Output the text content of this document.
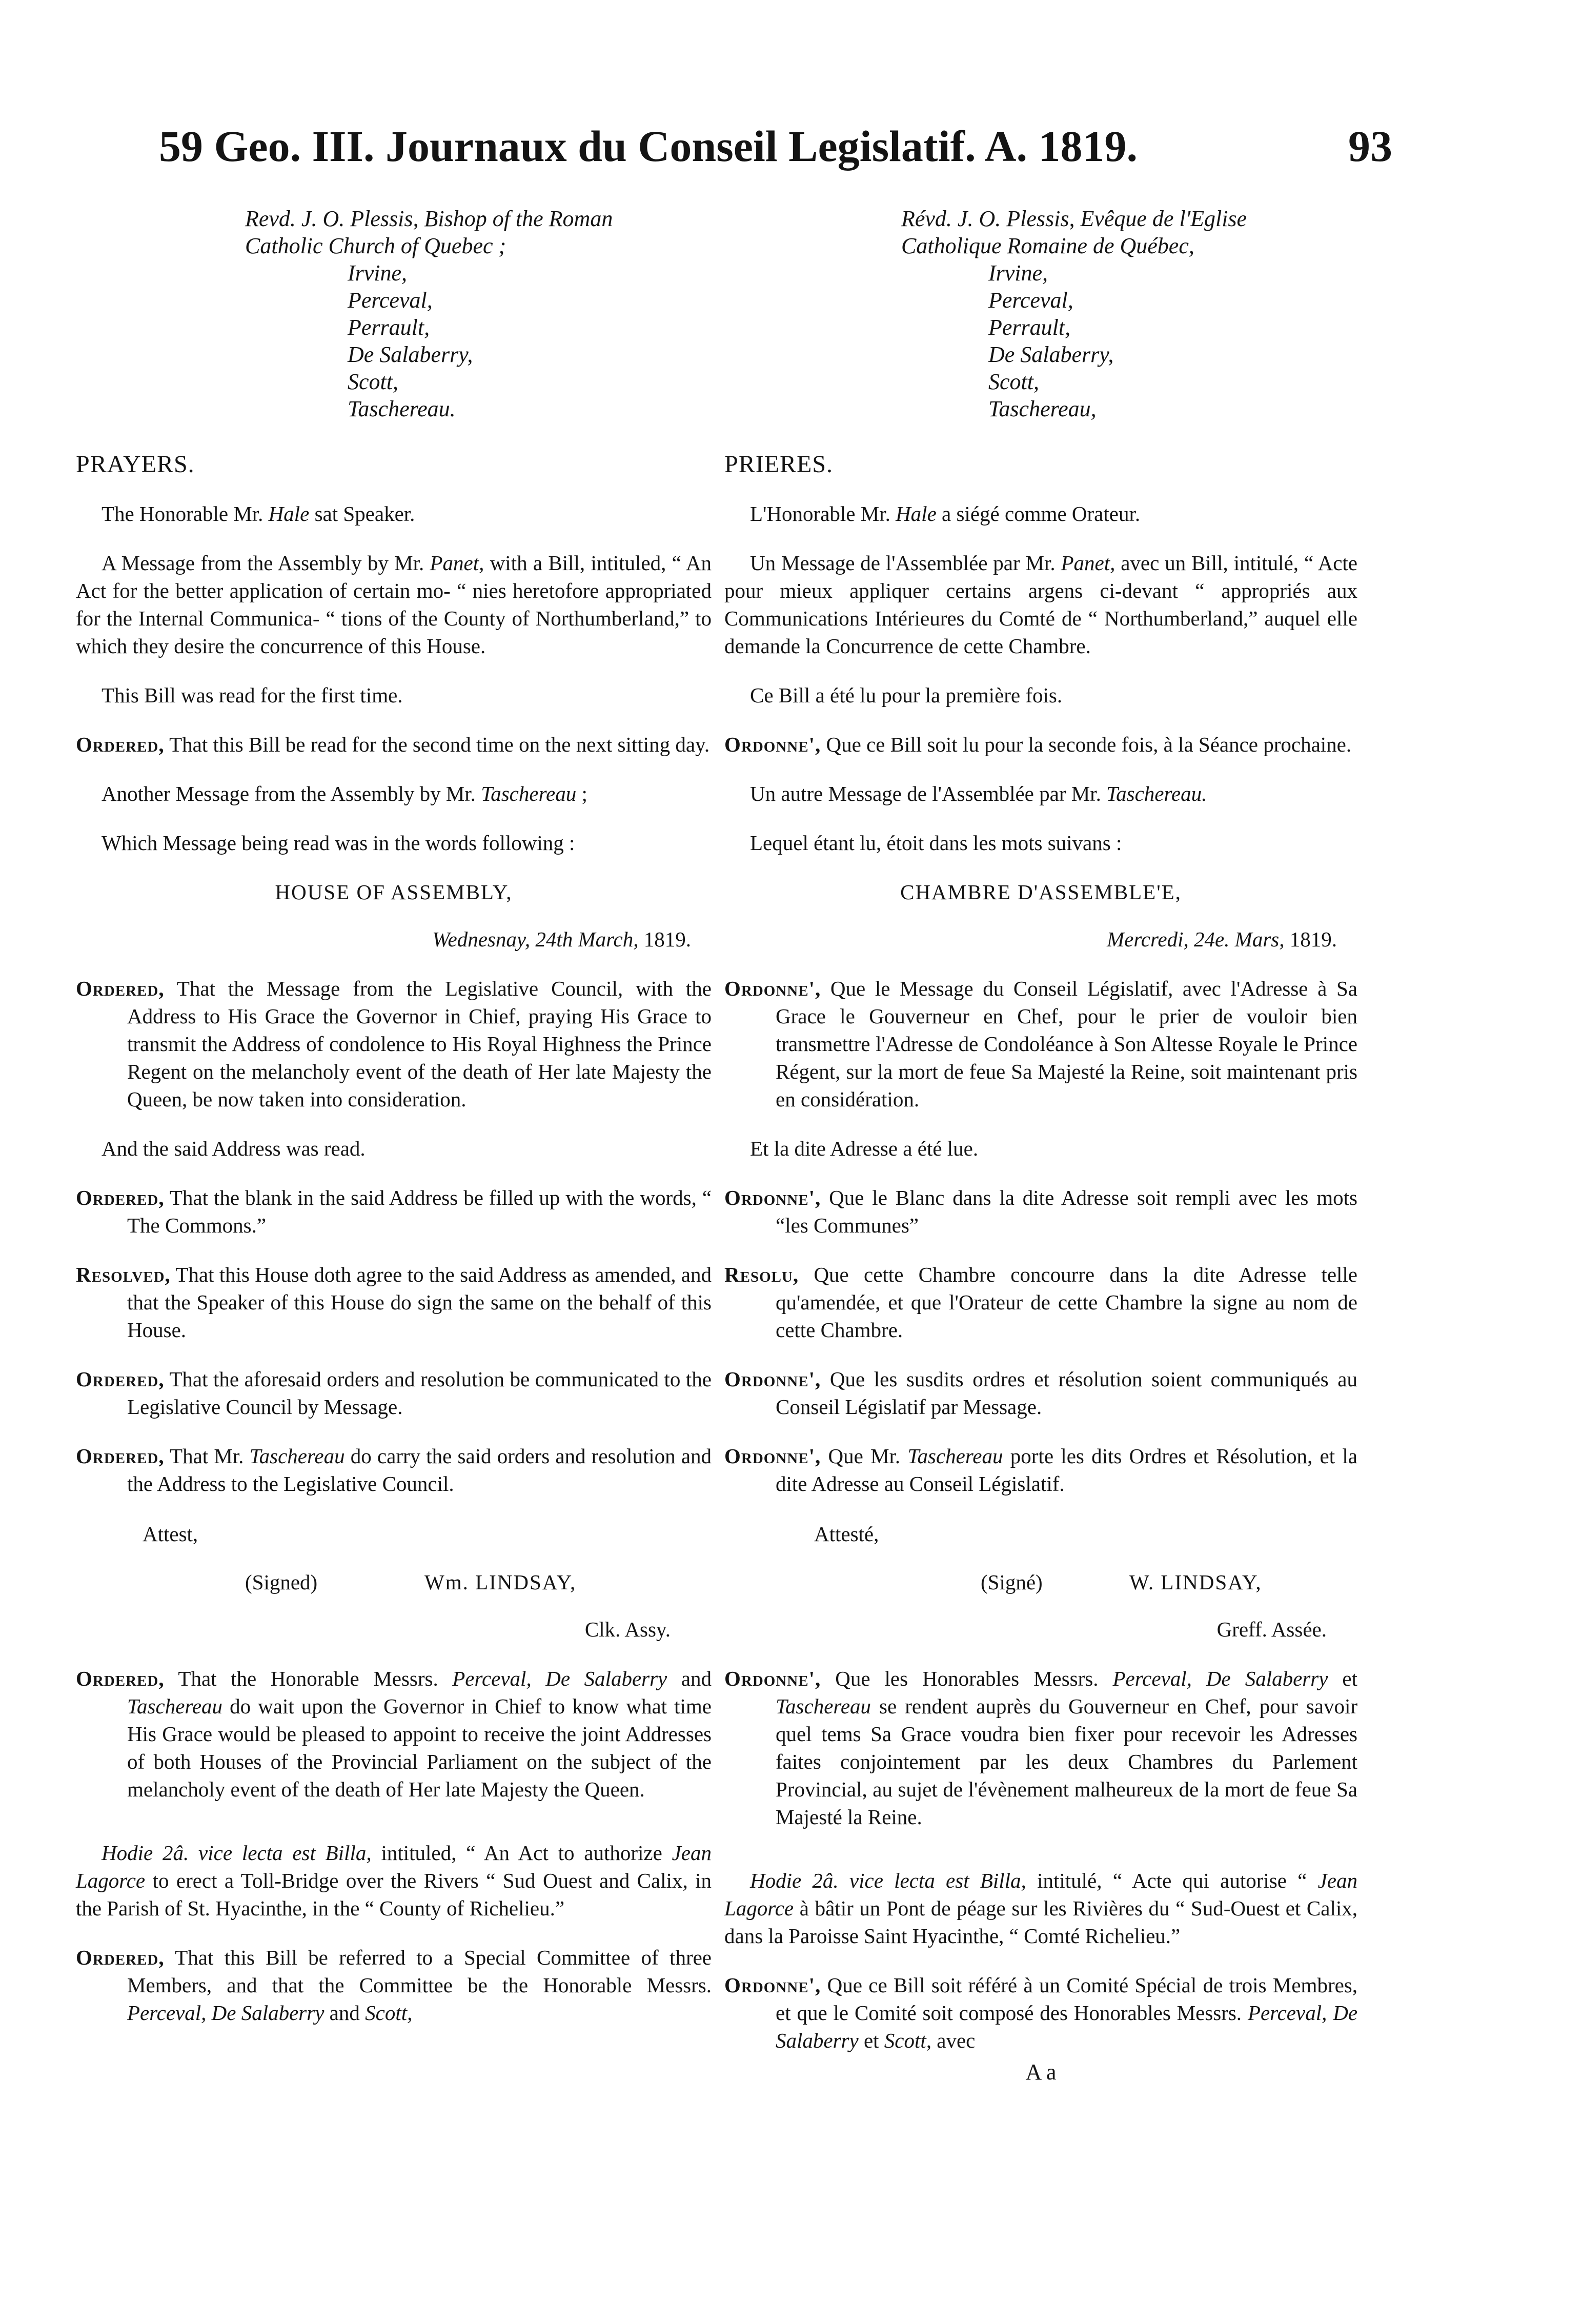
59 Geo. III. Journaux du Conseil Legislatif. A. 1819.	93
Revd. J. O. Plessis, Bishop of the Roman Catholic Church of Quebec ;
Irvine,
Perceval,
Perrault,
De Salaberry,
Scott,
Taschereau.
PRAYERS.

The Honorable Mr. Hale sat Speaker.

A Message from the Assembly by Mr. Panet, with a Bill, intituled, “ An Act for the better application of certain mo- “ nies heretofore appropriated for the Internal Communica- “ tions of the County of Northumberland,” to which they desire the concurrence of this House.

This Bill was read for the first time.

Ordered, That this Bill be read for the second time on the next sitting day.

Another Message from the Assembly by Mr. Taschereau ;

Which Message being read was in the words following :

HOUSE OF ASSEMBLY,
Wednesnay, 24th March, 1819.

Ordered, That the Message from the Legislative Council, with the Address to His Grace the Governor in Chief, praying His Grace to transmit the Address of condolence to His Royal Highness the Prince Regent on the melancholy event of the death of Her late Majesty the Queen, be now taken into consideration.

And the said Address was read.

Ordered, That the blank in the said Address be filled up with the words, “ The Commons.”

Resolved, That this House doth agree to the said Address as amended, and that the Speaker of this House do sign the same on the behalf of this House.

Ordered, That the aforesaid orders and resolution be communicated to the Legislative Council by Message.

Ordered, That Mr. Taschereau do carry the said orders and resolution and the Address to the Legislative Council.

Attest,
(Signed)	Wm. LINDSAY,
Clk. Assy.

Ordered, That the Honorable Messrs. Perceval, De Salaberry and Taschereau do wait upon the Governor in Chief to know what time His Grace would be pleased to appoint to receive the joint Addresses of both Houses of the Provincial Parliament on the subject of the melancholy event of the death of Her late Majesty the Queen.

Hodie 2â. vice lecta est Billa, intituled, “ An Act to authorize Jean Lagorce to erect a Toll-Bridge over the Rivers “ Sud Ouest and Calix, in the Parish of St. Hyacinthe, in the “ County of Richelieu.”

Ordered, That this Bill be referred to a Special Committee of three Members, and that the Committee be the Honorable Messrs. Perceval, De Salaberry and Scott,

Révd. J. O. Plessis, Evêque de l'Eglise Catholique Romaine de Québec,
Irvine,
Perceval,
Perrault,
De Salaberry,
Scott,
Taschereau,
PRIERES.

L'Honorable Mr. Hale a siégé comme Orateur.

Un Message de l'Assemblée par Mr. Panet, avec un Bill, intitulé, “ Acte pour mieux appliquer certains argens ci-devant “ appropriés aux Communications Intérieures du Comté de “ Northumberland,” auquel elle demande la Concurrence de cette Chambre.

Ce Bill a été lu pour la première fois.

Ordonne', Que ce Bill soit lu pour la seconde fois, à la Séance prochaine.

Un autre Message de l'Assemblée par Mr. Taschereau.

Lequel étant lu, étoit dans les mots suivans :

CHAMBRE D'ASSEMBLE'E,
Mercredi, 24e. Mars, 1819.

Ordonne', Que le Message du Conseil Législatif, avec l'Adresse à Sa Grace le Gouverneur en Chef, pour le prier de vouloir bien transmettre l'Adresse de Condoléance à Son Altesse Royale le Prince Régent, sur la mort de feue Sa Majesté la Reine, soit maintenant pris en considération.

Et la dite Adresse a été lue.

Ordonne', Que le Blanc dans la dite Adresse soit rempli avec les mots “les Communes”

Resolu, Que cette Chambre concourre dans la dite Adresse telle qu'amendée, et que l'Orateur de cette Chambre la signe au nom de cette Chambre.

Ordonne', Que les susdits ordres et résolution soient communiqués au Conseil Législatif par Message.

Ordonne', Que Mr. Taschereau porte les dits Ordres et Résolution, et la dite Adresse au Conseil Législatif.

Attesté,
(Signé)	W. LINDSAY,
Greff. Assée.

Ordonne', Que les Honorables Messrs. Perceval, De Salaberry et Taschereau se rendent auprès du Gouverneur en Chef, pour savoir quel tems Sa Grace voudra bien fixer pour recevoir les Adresses faites conjointement par les deux Chambres du Parlement Provincial, au sujet de l'évènement malheureux de la mort de feue Sa Majesté la Reine.

Hodie 2â. vice lecta est Billa, intitulé, “ Acte qui autorise “ Jean Lagorce à bâtir un Pont de péage sur les Rivières du “ Sud-Ouest et Calix, dans la Paroisse Saint Hyacinthe, “ Comté Richelieu.”

Ordonne', Que ce Bill soit référé à un Comité Spécial de trois Membres, et que le Comité soit composé des Honorables Messrs. Perceval, De Salaberry et Scott, avec

A a
